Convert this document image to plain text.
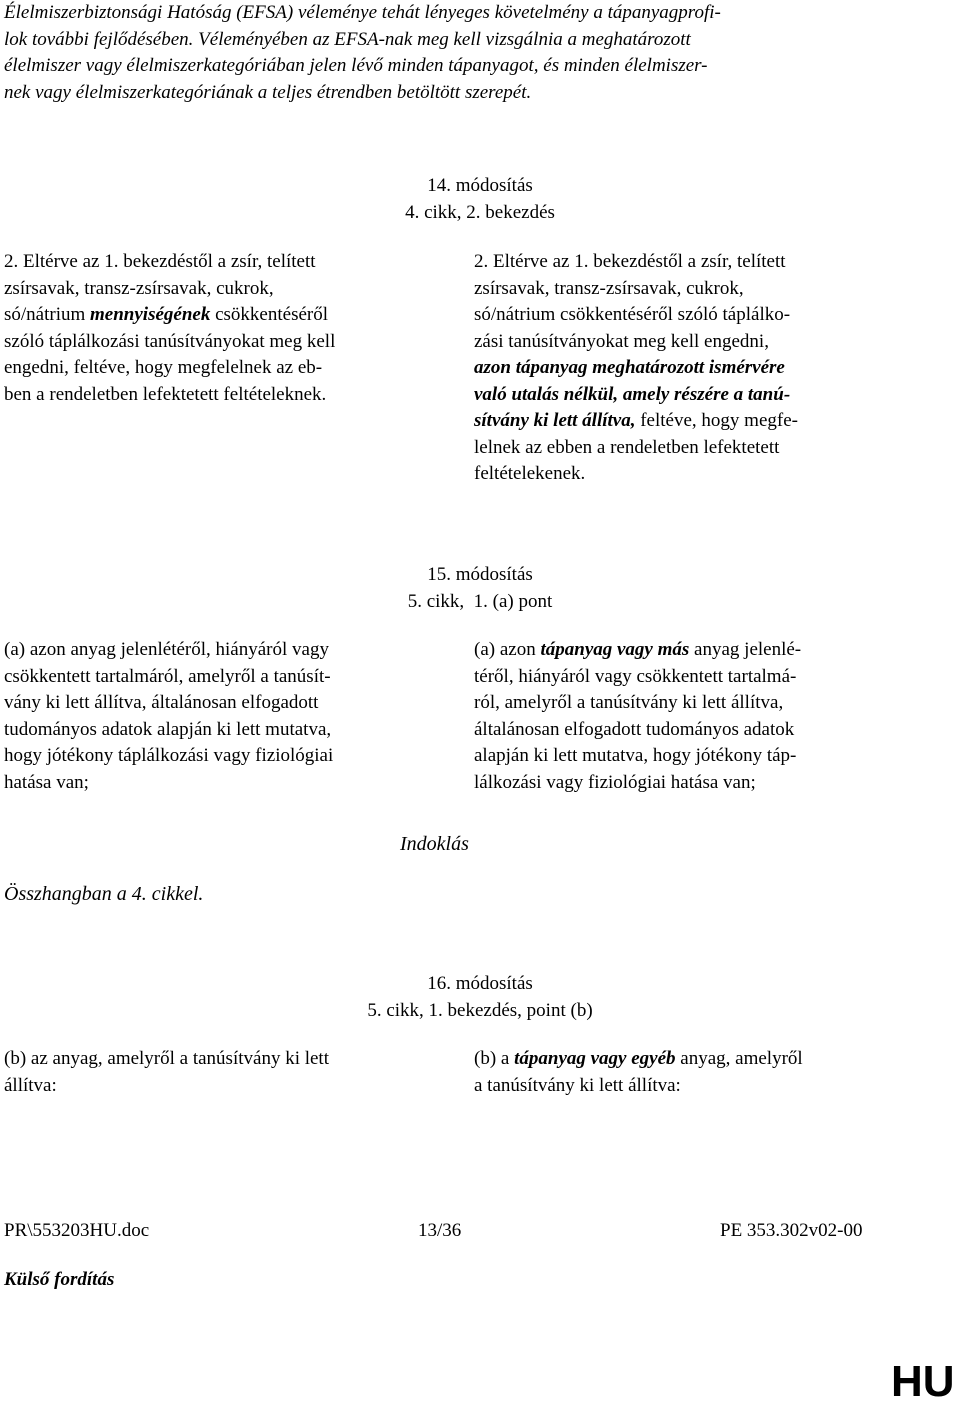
Élelmiszerbiztonsági Hatóság (EFSA) véleménye tehát lényeges követelmény a tápanyagprofi-
lok további fejlődésében. Véleményében az EFSA-nak meg kell vizsgálnia a meghatározott
élelmiszer vagy élelmiszerkategóriában jelen lévő minden tápanyagot, és minden élelmiszer-
nek vagy élelmiszerkategóriának a teljes étrendben betöltött szerepét.
14. módosítás
4. cikk, 2. bekezdés
2. Eltérve az 1. bekezdéstől a zsír, telített
zsírsavak, transz-zsírsavak, cukrok,
só/nátrium mennyiségének csökkentéséről
szóló táplálkozási tanúsítványokat meg kell
engedni, feltéve, hogy megfelelnek az eb-
ben a rendeletben lefektetett feltételeknek.
2. Eltérve az 1. bekezdéstől a zsír, telített
zsírsavak, transz-zsírsavak, cukrok,
só/nátrium csökkentéséről szóló táplálko-
zási tanúsítványokat meg kell engedni,
azon tápanyag meghatározott ismérvére
való utalás nélkül, amely részére a tanú-
sítvány ki lett állítva, feltéve, hogy megfe-
lelnek az ebben a rendeletben lefektetett
feltételekenek.
15. módosítás
5. cikk,  1. (a) pont
(a) azon anyag jelenlétéről, hiányáról vagy
csökkentett tartalmáról, amelyről a tanúsít-
vány ki lett állítva, általánosan elfogadott
tudományos adatok alapján ki lett mutatva,
hogy jótékony táplálkozási vagy fiziológiai
hatása van;
(a) azon tápanyag vagy más anyag jelenlé-
téről, hiányáról vagy csökkentett tartalmá-
ról, amelyről a tanúsítvány ki lett állítva,
általánosan elfogadott tudományos adatok
alapján ki lett mutatva, hogy jótékony táp-
lálkozási vagy fiziológiai hatása van;
Indoklás
Összhangban a 4. cikkel.
16. módosítás
5. cikk, 1. bekezdés, point (b)
(b) az anyag, amelyről a tanúsítvány ki lett
állítva:
(b) a tápanyag vagy egyéb anyag, amelyről
a tanúsítvány ki lett állítva:
PR\553203HU.doc	13/36	PE 353.302v02-00
Külső fordítás
HU
